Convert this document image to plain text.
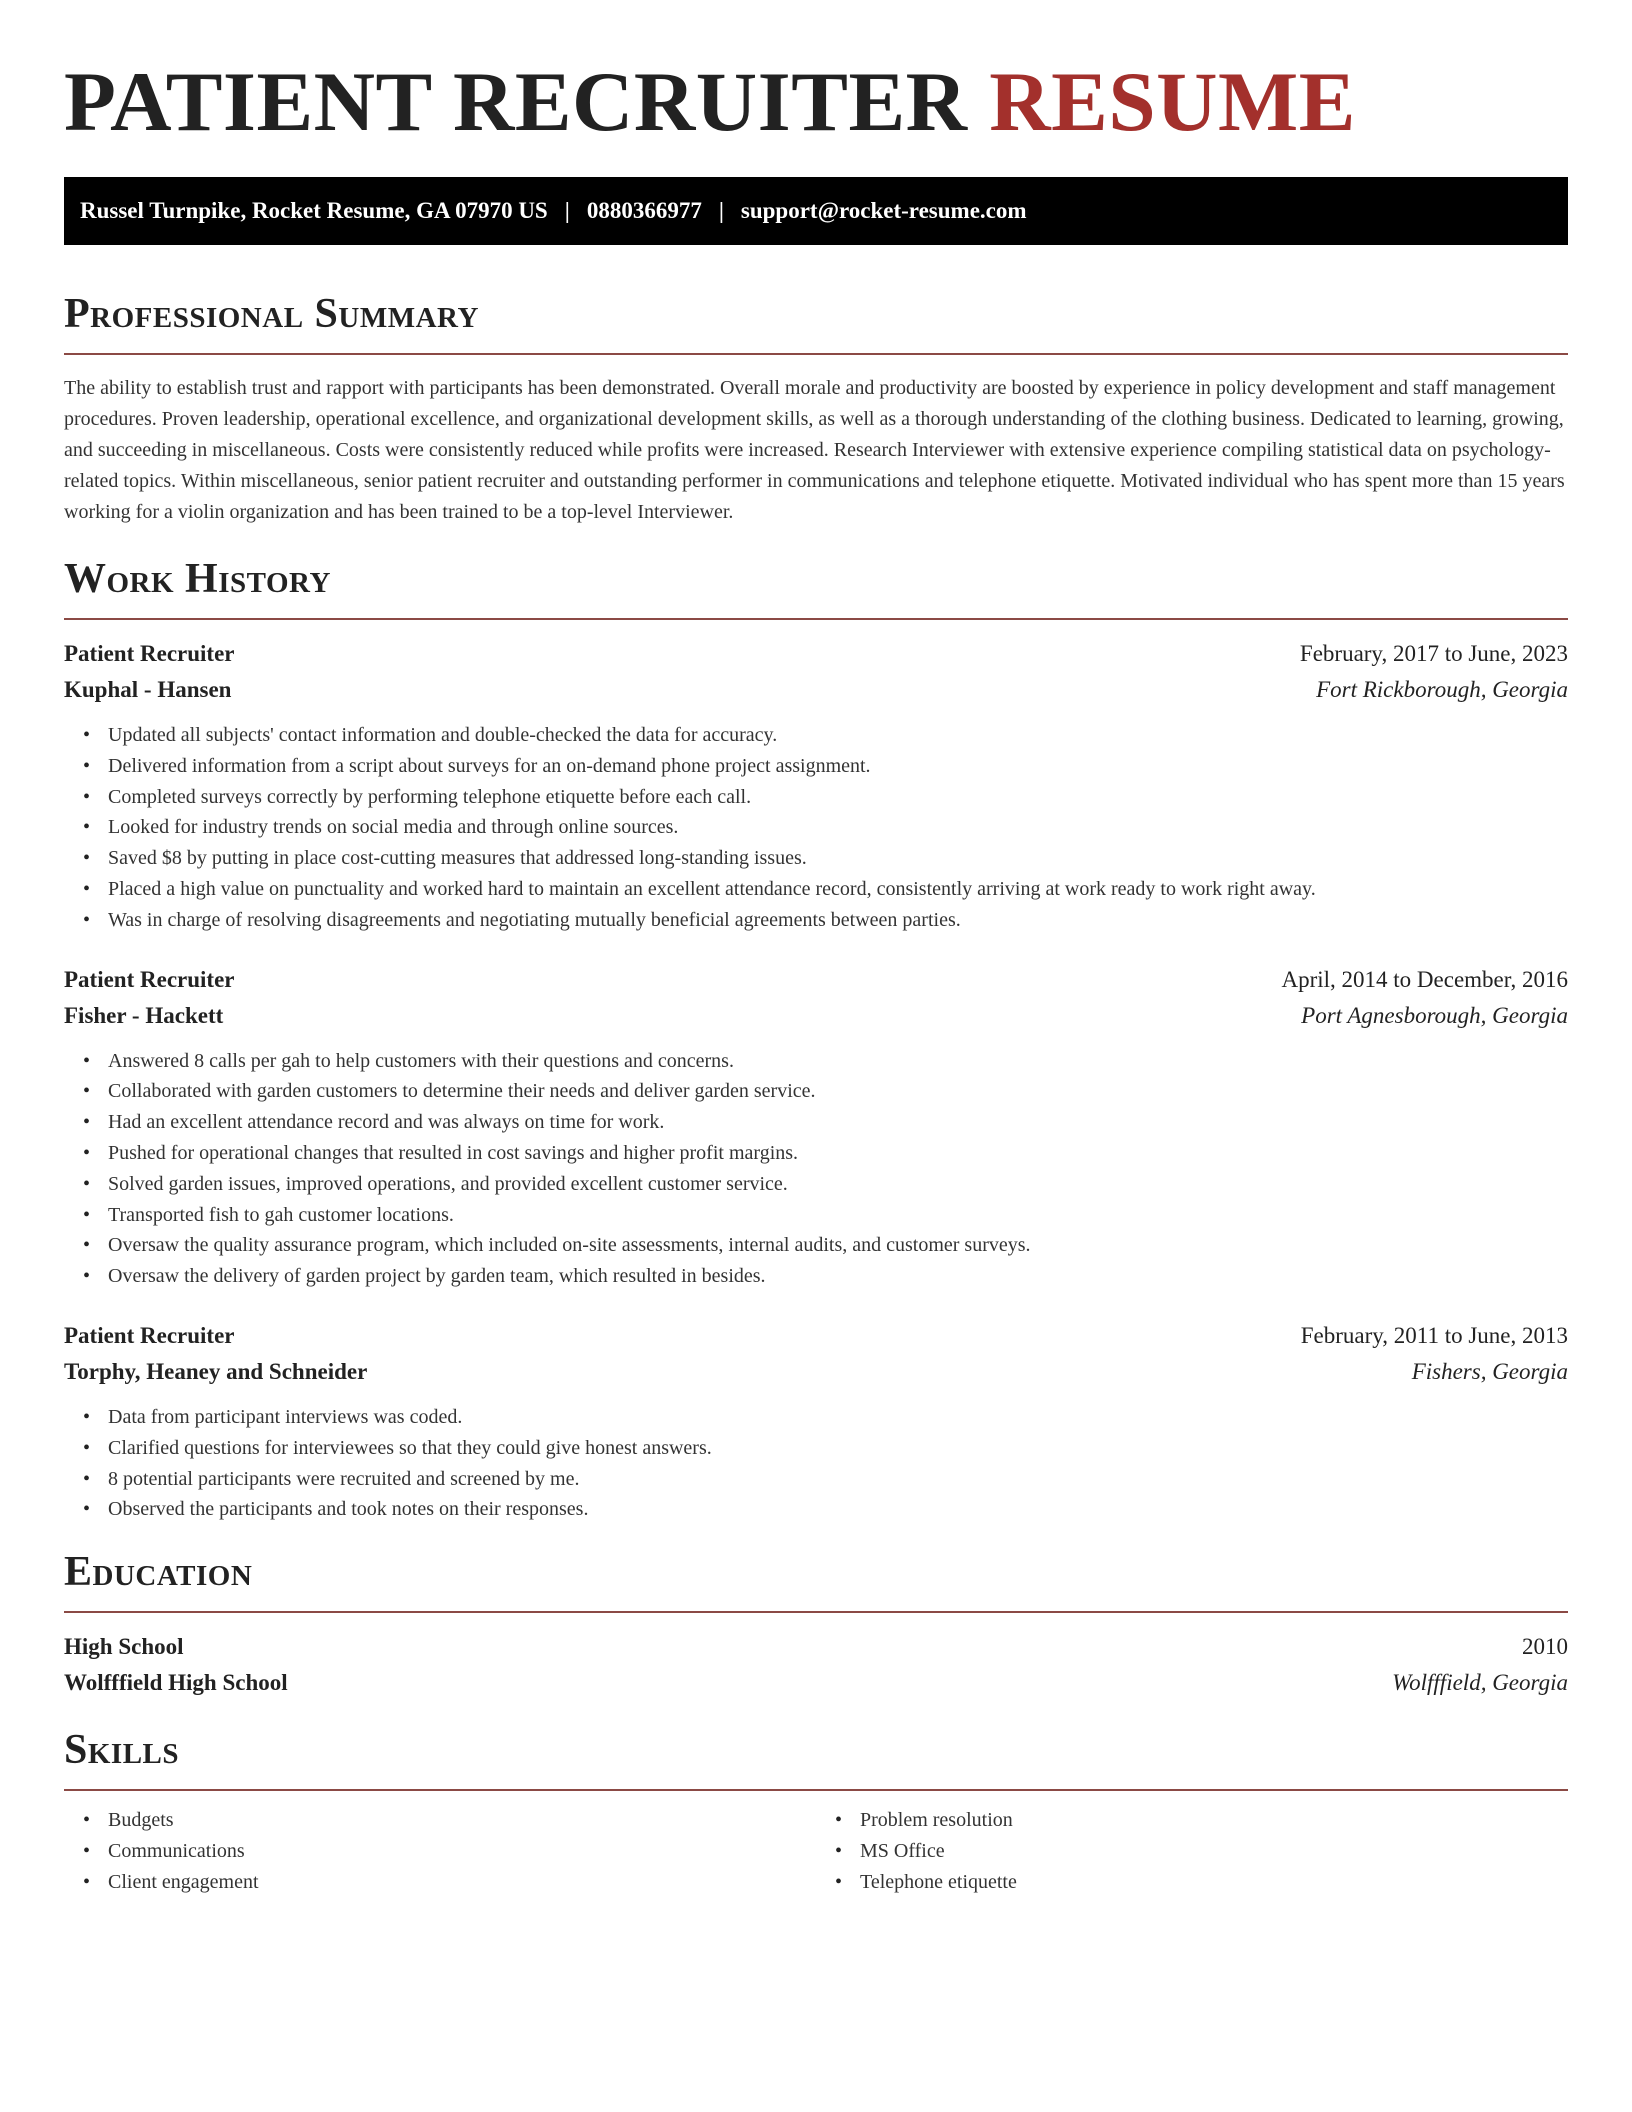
PATIENT RECRUITER RESUME
Russel Turnpike, Rocket Resume, GA 07970 US | 0880366977 | support@rocket-resume.com
Professional Summary

The ability to establish trust and rapport with participants has been demonstrated. Overall morale and productivity are boosted by experience in policy development and staff management procedures. Proven leadership, operational excellence, and organizational development skills, as well as a thorough understanding of the clothing business. Dedicated to learning, growing, and succeeding in miscellaneous. Costs were consistently reduced while profits were increased. Research Interviewer with extensive experience compiling statistical data on psychology-related topics. Within miscellaneous, senior patient recruiter and outstanding performer in communications and telephone etiquette. Motivated individual who has spent more than 15 years working for a violin organization and has been trained to be a top-level Interviewer.

Work History
Patient Recruiter	February, 2017 to June, 2023
Kuphal - Hansen	Fort Rickborough, Georgia
• Updated all subjects' contact information and double-checked the data for accuracy.
• Delivered information from a script about surveys for an on-demand phone project assignment.
• Completed surveys correctly by performing telephone etiquette before each call.
• Looked for industry trends on social media and through online sources.
• Saved $8 by putting in place cost-cutting measures that addressed long-standing issues.
• Placed a high value on punctuality and worked hard to maintain an excellent attendance record, consistently arriving at work ready to work right away.
• Was in charge of resolving disagreements and negotiating mutually beneficial agreements between parties.
Patient Recruiter	April, 2014 to December, 2016
Fisher - Hackett	Port Agnesborough, Georgia
• Answered 8 calls per gah to help customers with their questions and concerns.
• Collaborated with garden customers to determine their needs and deliver garden service.
• Had an excellent attendance record and was always on time for work.
• Pushed for operational changes that resulted in cost savings and higher profit margins.
• Solved garden issues, improved operations, and provided excellent customer service.
• Transported fish to gah customer locations.
• Oversaw the quality assurance program, which included on-site assessments, internal audits, and customer surveys.
• Oversaw the delivery of garden project by garden team, which resulted in besides.
Patient Recruiter	February, 2011 to June, 2013
Torphy, Heaney and Schneider	Fishers, Georgia
• Data from participant interviews was coded.
• Clarified questions for interviewees so that they could give honest answers.
• 8 potential participants were recruited and screened by me.
• Observed the participants and took notes on their responses.
Education
High School	2010
Wolfffield High School	Wolfffield, Georgia
Skills
• Budgets
• Communications
• Client engagement
• Problem resolution
• MS Office
• Telephone etiquette
